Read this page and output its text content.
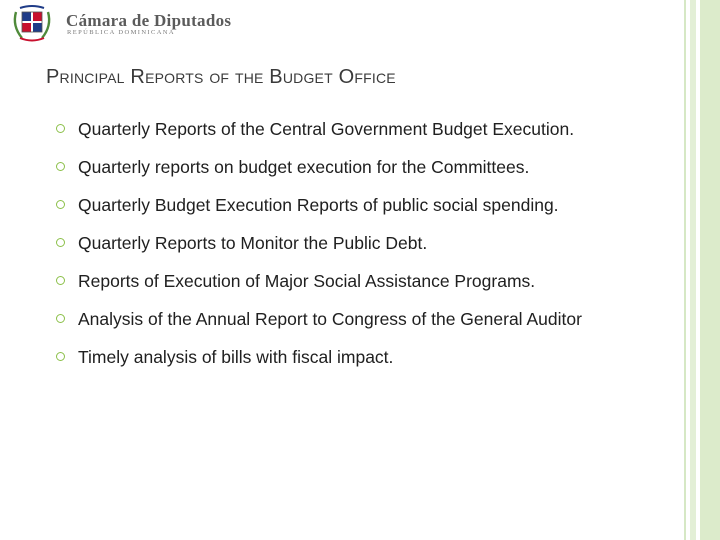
Cámara de Diputados
REPÚBLICA DOMINICANA
Principal Reports of the Budget Office
Quarterly Reports of the Central Government Budget Execution.
Quarterly reports on budget execution for the Committees.
Quarterly Budget Execution Reports of public social spending.
Quarterly Reports to Monitor the Public Debt.
Reports of Execution of Major Social Assistance Programs.
Analysis of the Annual Report to Congress of the General Auditor
Timely analysis of bills with fiscal impact.
